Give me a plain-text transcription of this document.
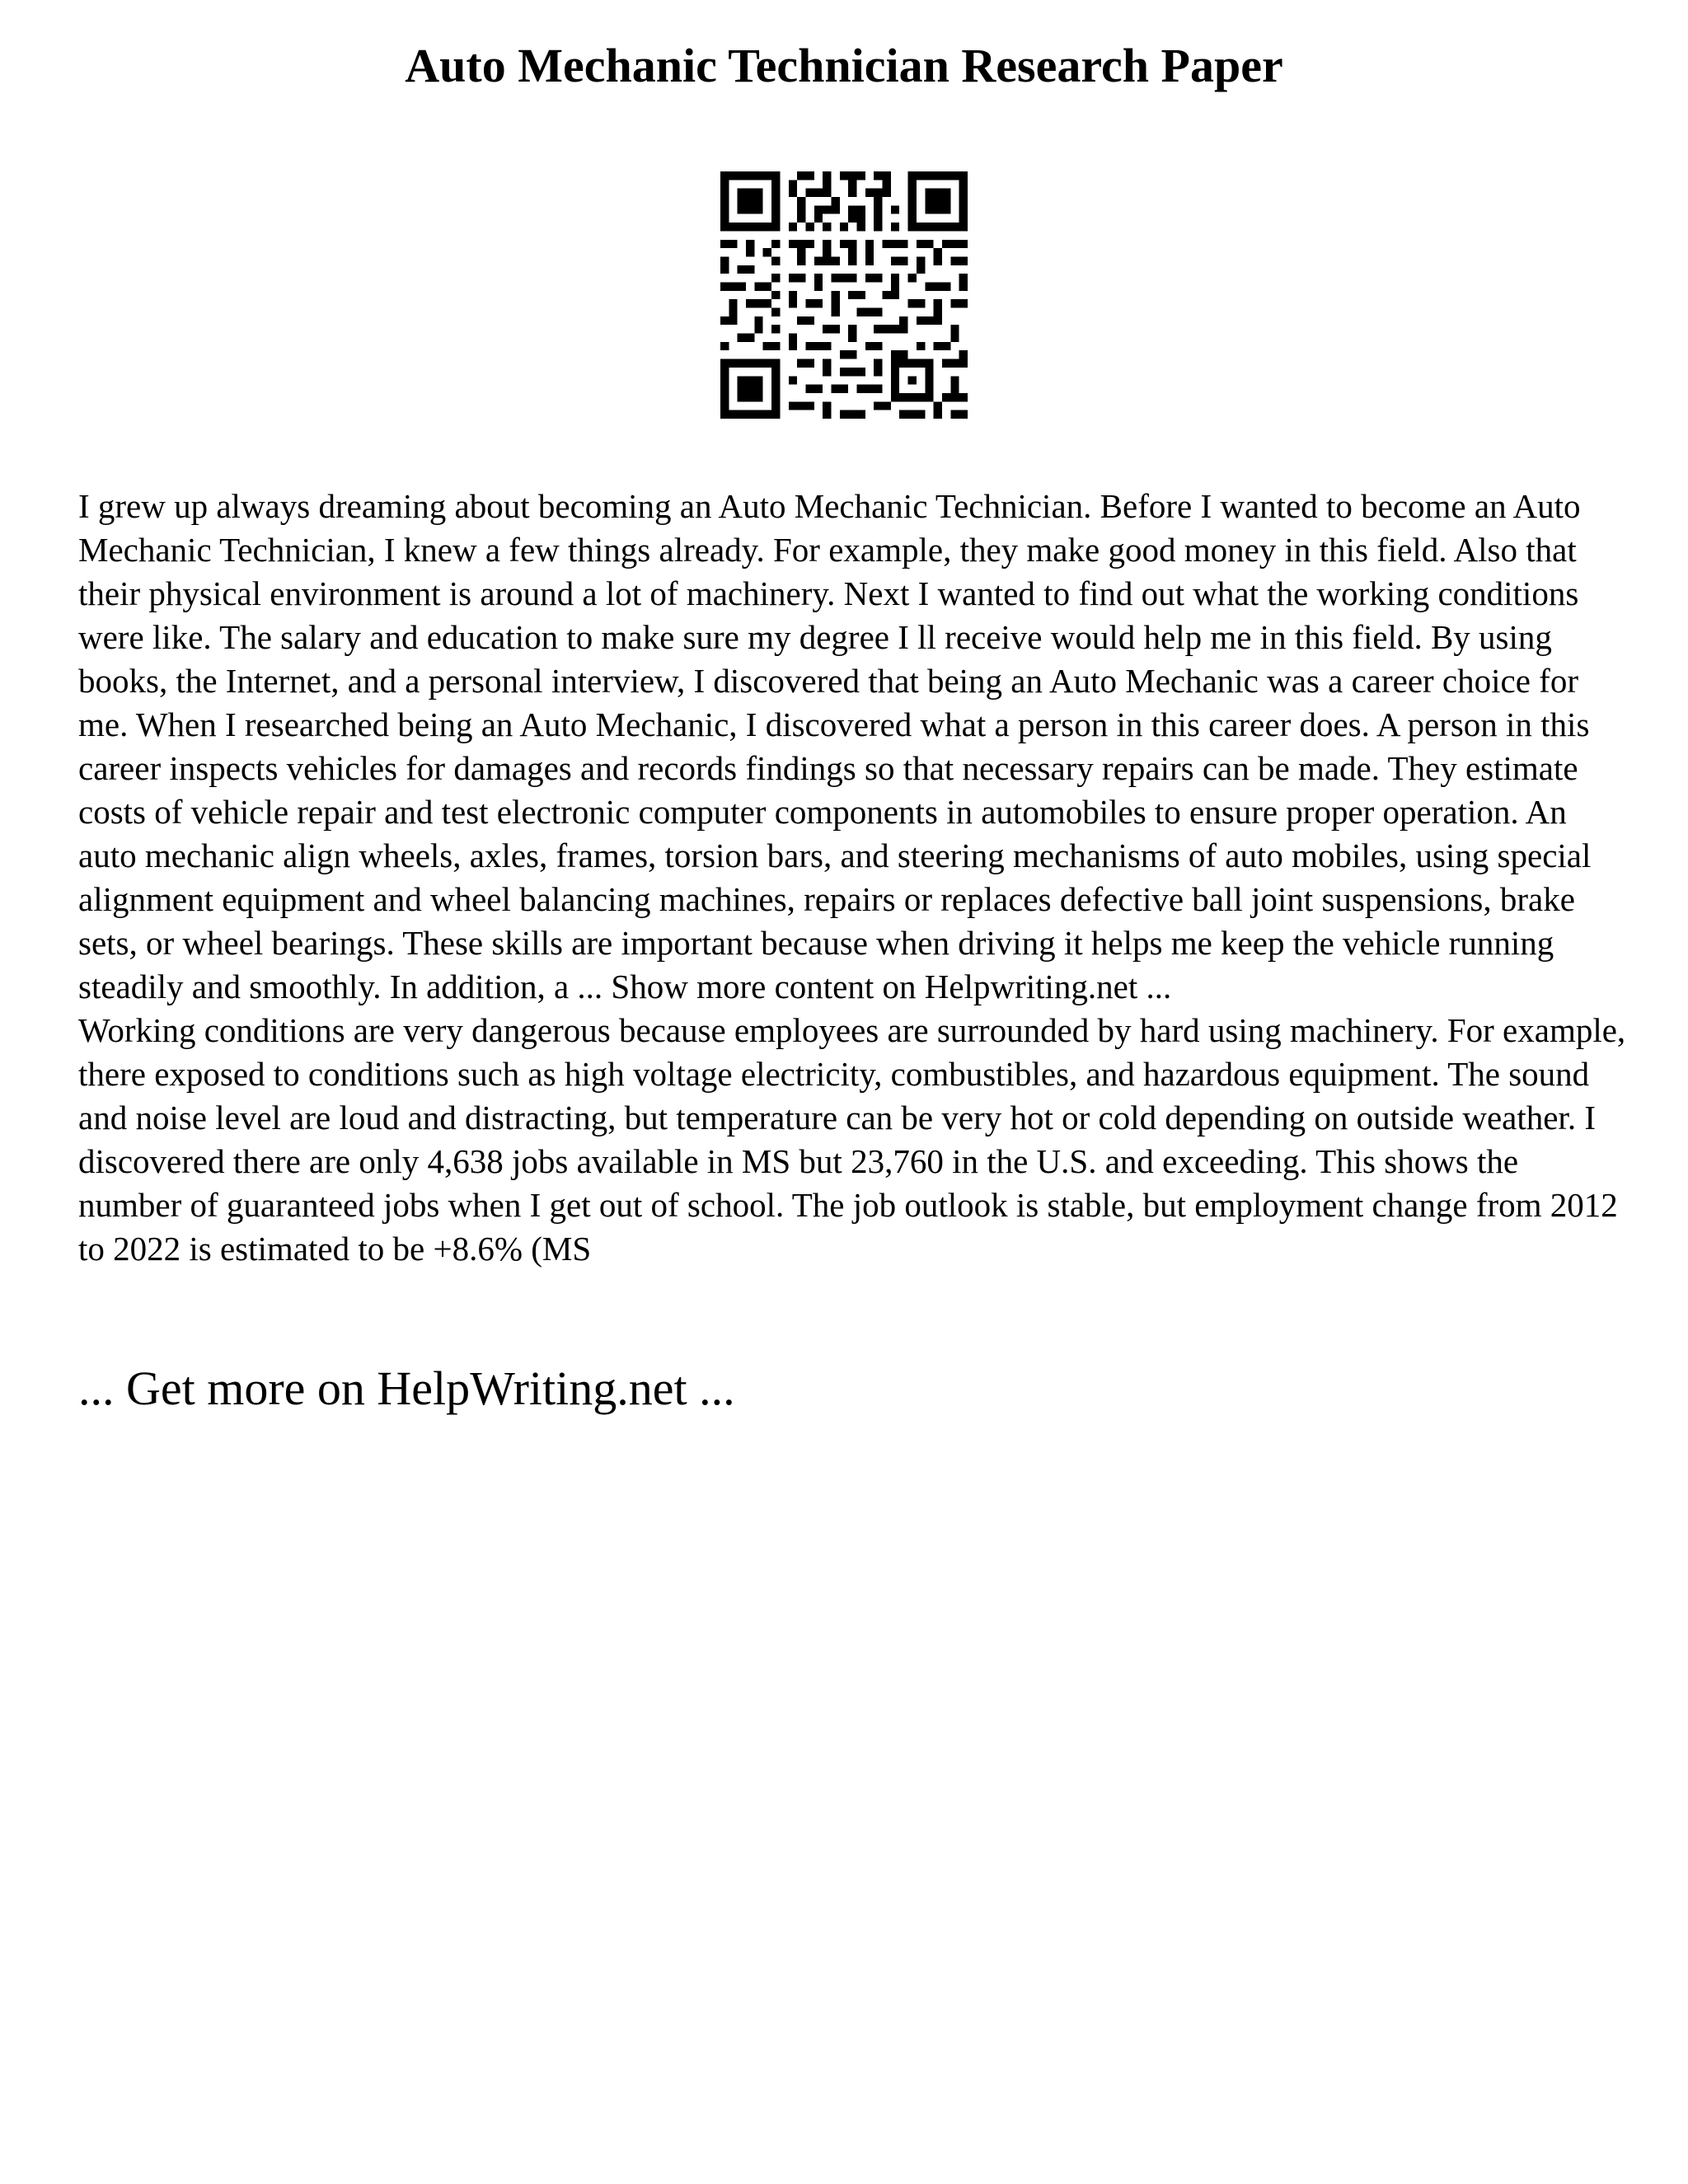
Auto Mechanic Technician Research Paper

I grew up always dreaming about becoming an Auto Mechanic Technician. Before I wanted to become an Auto Mechanic Technician, I knew a few things already. For example, they make good money in this field. Also that their physical environment is around a lot of machinery. Next I wanted to find out what the working conditions were like. The salary and education to make sure my degree I ll receive would help me in this field. By using books, the Internet, and a personal interview, I discovered that being an Auto Mechanic was a career choice for me. When I researched being an Auto Mechanic, I discovered what a person in this career does. A person in this career inspects vehicles for damages and records findings so that necessary repairs can be made. They estimate costs of vehicle repair and test electronic computer components in automobiles to ensure proper operation. An auto mechanic align wheels, axles, frames, torsion bars, and steering mechanisms of auto mobiles, using special alignment equipment and wheel balancing machines, repairs or replaces defective ball joint suspensions, brake sets, or wheel bearings. These skills are important because when driving it helps me keep the vehicle running steadily and smoothly. In addition, a ... Show more content on Helpwriting.net ...

Working conditions are very dangerous because employees are surrounded by hard using machinery. For example, there exposed to conditions such as high voltage electricity, combustibles, and hazardous equipment. The sound and noise level are loud and distracting, but temperature can be very hot or cold depending on outside weather. I discovered there are only 4,638 jobs available in MS but 23,760 in the U.S. and exceeding. This shows the number of guaranteed jobs when I get out of school. The job outlook is stable, but employment change from 2012 to 2022 is estimated to be +8.6% (MS

... Get more on HelpWriting.net ...
